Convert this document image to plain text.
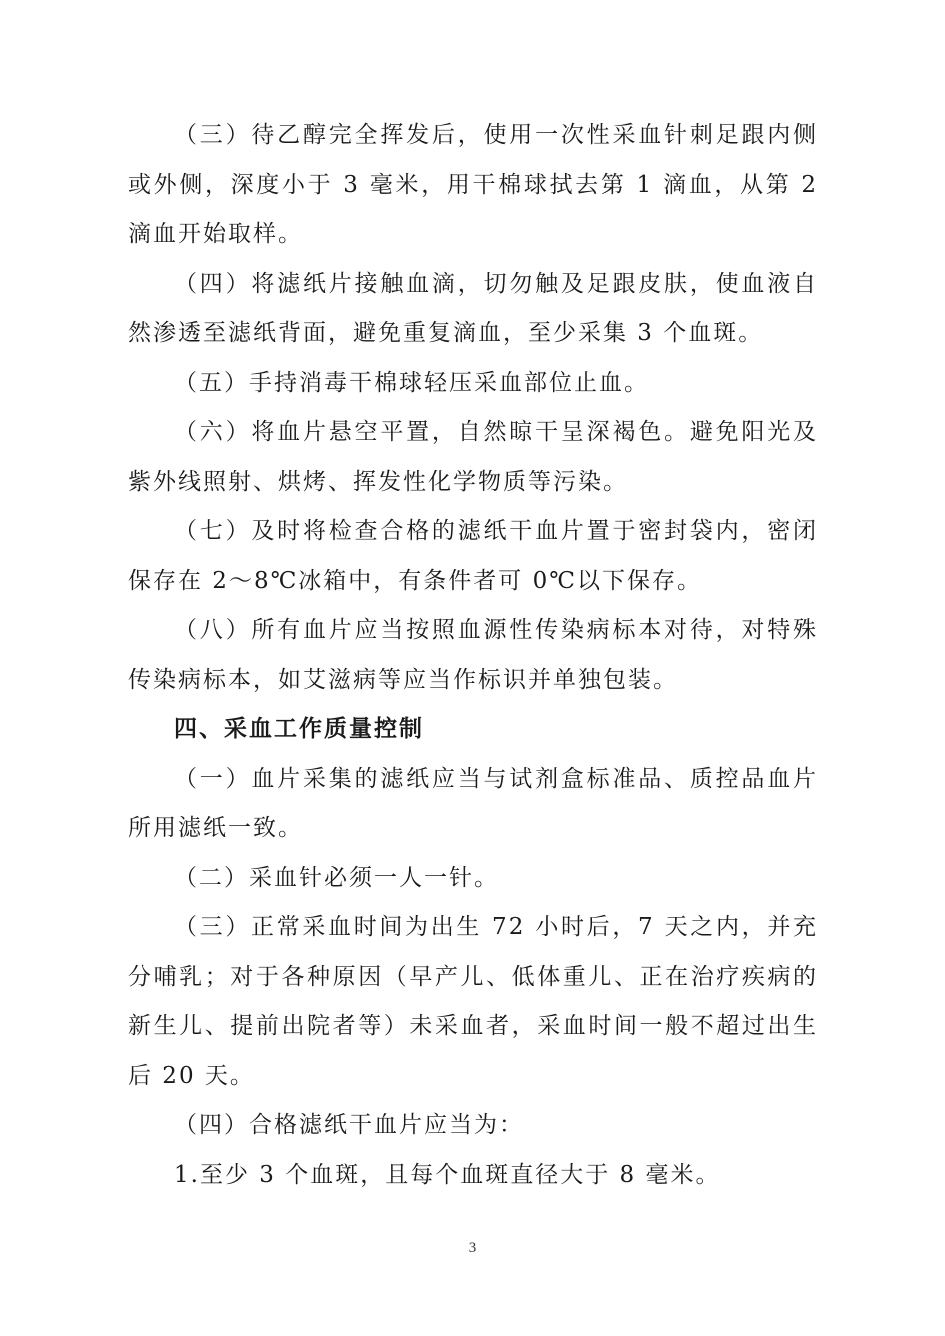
（三）待乙醇完全挥发后，使用一次性采血针刺足跟内侧或外侧，深度小于 3 毫米，用干棉球拭去第 1 滴血，从第 2 滴血开始取样。

（四）将滤纸片接触血滴，切勿触及足跟皮肤，使血液自然渗透至滤纸背面，避免重复滴血，至少采集 3 个血斑。

（五）手持消毒干棉球轻压采血部位止血。

（六）将血片悬空平置，自然晾干呈深褐色。避免阳光及紫外线照射、烘烤、挥发性化学物质等污染。

（七）及时将检查合格的滤纸干血片置于密封袋内，密闭保存在 2～8℃冰箱中，有条件者可 0℃以下保存。

（八）所有血片应当按照血源性传染病标本对待，对特殊传染病标本，如艾滋病等应当作标识并单独包装。

四、采血工作质量控制

（一）血片采集的滤纸应当与试剂盒标准品、质控品血片所用滤纸一致。

（二）采血针必须一人一针。

（三）正常采血时间为出生 72 小时后，7 天之内，并充分哺乳；对于各种原因（早产儿、低体重儿、正在治疗疾病的新生儿、提前出院者等）未采血者，采血时间一般不超过出生后 20 天。

（四）合格滤纸干血片应当为：

1.至少 3 个血斑，且每个血斑直径大于 8 毫米。

3
